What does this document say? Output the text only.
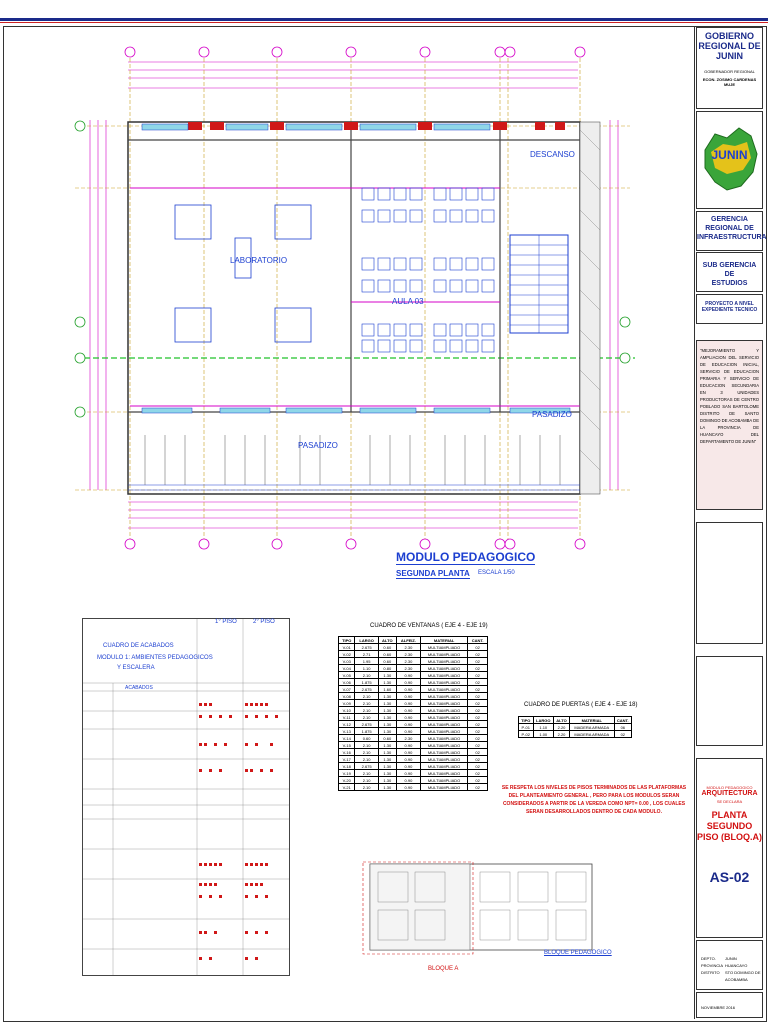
LABORATORIO
AULA 03
DESCANSO
PASADIZO
PASADIZO
MODULO PEDAGOGICO
SEGUNDA PLANTA ESCALA 1/50
CUADRO DE ACABADOS
MODULO 1: AMBIENTES PEDAGOGICOS
Y ESCALERA
1° PISO	2° PISO
ACABADOS
CUADRO DE VENTANAS ( EJE 4 - EJE 19)
TIPO	LARGO	ALTO	ALFEIZ.	MATERIAL	CANT.
V-01	2.675	0.60	2.30	MULTIAMPLIADO	02
V-02	2.71	0.60	2.30	MULTIAMPLIADO	02
V-03	1.95	0.60	2.30	MULTIAMPLIADO	02
V-04	1.10	0.80	2.30	MULTIAMPLIADO	02
V-05	2.10	1.30	0.90	MULTIAMPLIADO	02
V-06	1.875	1.30	0.90	MULTIAMPLIADO	02
V-07	2.675	1.60	0.90	MULTIAMPLIADO	02
V-08	2.10	1.30	0.90	MULTIAMPLIADO	02
V-09	2.10	1.30	0.90	MULTIAMPLIADO	02
V-10	2.10	1.30	0.90	MULTIAMPLIADO	02
V-11	2.10	1.30	0.90	MULTIAMPLIADO	02
V-12	2.675	1.30	0.90	MULTIAMPLIADO	02
V-13	1.875	1.30	0.90	MULTIAMPLIADO	02
V-14	0.60	0.60	2.30	MULTIAMPLIADO	02
V-15	2.10	1.30	0.90	MULTIAMPLIADO	02
V-16	2.10	1.30	0.90	MULTIAMPLIADO	02
V-17	2.10	1.30	0.90	MULTIAMPLIADO	02
V-18	2.675	1.30	0.90	MULTIAMPLIADO	02
V-19	2.10	1.30	0.90	MULTIAMPLIADO	02
V-20	2.10	1.30	0.90	MULTIAMPLIADO	02
V-21	2.10	1.30	0.90	MULTIAMPLIADO	02
CUADRO DE PUERTAS ( EJE 4 - EJE 18)
TIPO	LARGO	ALTO	MATERIAL	CANT.
P-01	1.10	2.20	MADERA ARMADA	06
P-02	1.00	2.20	MADERA ARMADA	02
SE RESPETA LOS NIVELES DE PISOS TERMINADOS DE LAS PLATAFORMAS DEL PLANTEAMIENTO GENERAL , PERO PARA LOS MODULOS SERAN CONSIDERADOS A PARTIR DE LA VEREDA COMO NPT= 0.00 , LOS CUALES SERAN DESARROLLADOS DENTRO DE CADA MODULO.
BLOQUE A
BLOQUE PEDAGOGICO
GOBIERNO
REGIONAL DE
JUNIN
GOBERNADOR REGIONAL
ECON. ZOSIMO CARDENAS MUJE
JUNIN
GERENCIA
REGIONAL DE
INFRAESTRUCTURA
SUB GERENCIA DE
ESTUDIOS
PROYECTO A NIVEL
EXPEDIENTE TECNICO
"MEJORAMIENTO Y AMPLIACION DEL SERVICIO DE EDUCACION INICIAL, SERVICIO DE EDUCACION PRIMARIA Y SERVICIO DE EDUCACION SECUNDARIA EN 3 UNIDADES PRODUCTORAS DE CENTRO POBLADO SAN BARTOLOME DISTRITO DE SANTO DOMINGO DE ACOBAMBA DE LA PROVINCIA DE HUANCAYO DEL DEPARTAMENTO DE JUNIN"
MODULO PEDAGOGICO
ARQUITECTURA
SE DECLARA
PLANTA SEGUNDO
PISO (BLOQ.A)
AS-02
DEPTO.
PROVINCIA
DISTRITO
JUNIN
HUANCAYO
STO DOMINGO DE ACOBAMBA
NOVIEMBRE 2016
